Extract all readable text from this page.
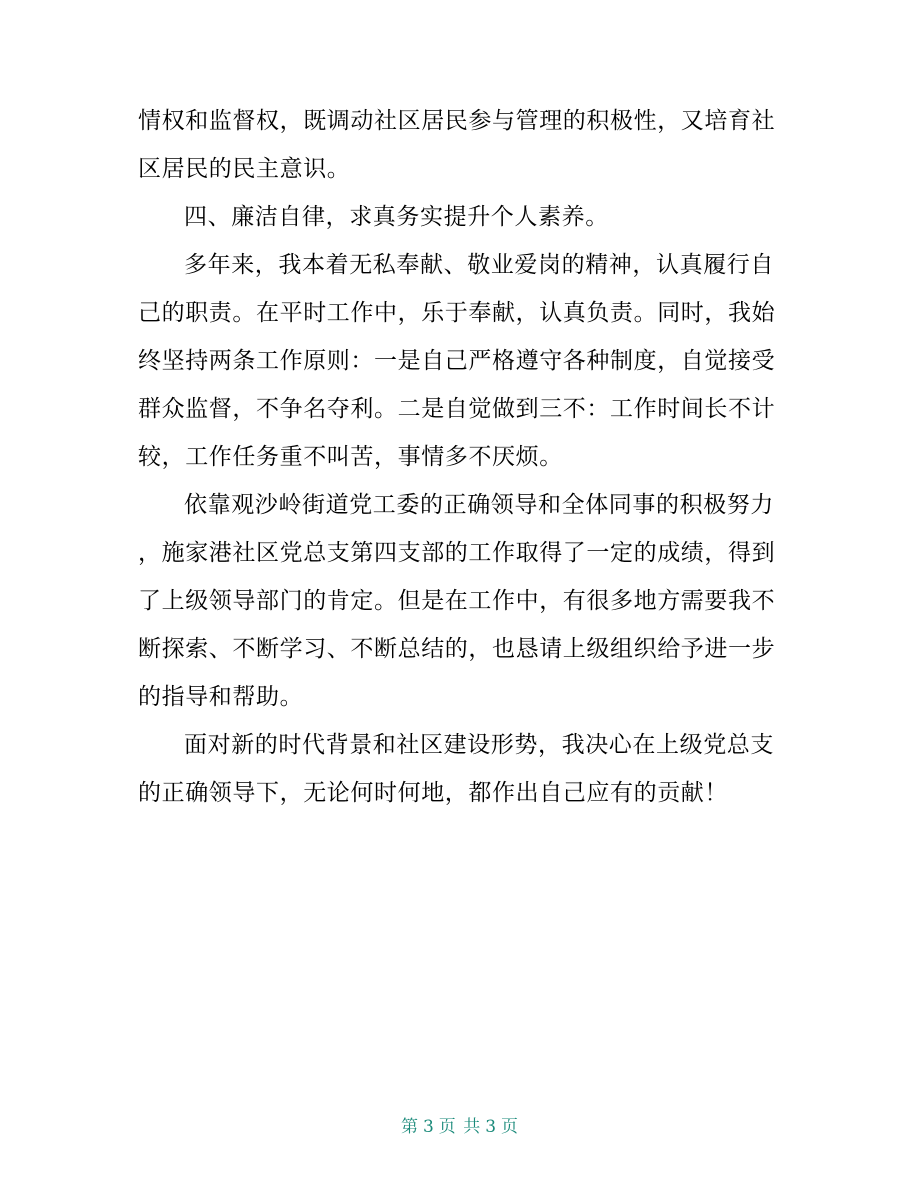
情权和监督权，既调动社区居民参与管理的积极性，又培育社
区居民的民主意识。
四、廉洁自律，求真务实提升个人素养。
多年来，我本着无私奉献、敬业爱岗的精神，认真履行自
己的职责。在平时工作中，乐于奉献，认真负责。同时，我始
终坚持两条工作原则：一是自己严格遵守各种制度，自觉接受
群众监督，不争名夺利。二是自觉做到三不：工作时间长不计
较，工作任务重不叫苦，事情多不厌烦。
依靠观沙岭街道党工委的正确领导和全体同事的积极努力
，施家港社区党总支第四支部的工作取得了一定的成绩，得到
了上级领导部门的肯定。但是在工作中，有很多地方需要我不
断探索、不断学习、不断总结的，也恳请上级组织给予进一步
的指导和帮助。
面对新的时代背景和社区建设形势，我决心在上级党总支
的正确领导下，无论何时何地，都作出自己应有的贡献！
第 3 页 共 3 页
